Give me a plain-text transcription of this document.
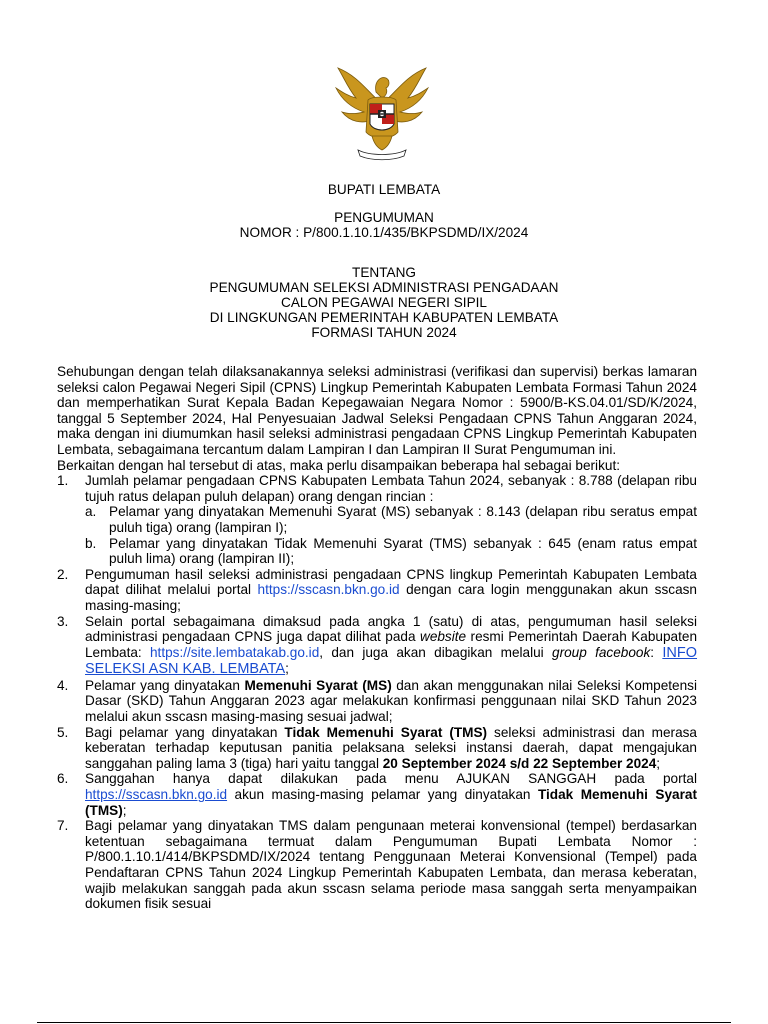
BUPATI LEMBATA
PENGUMUMAN
NOMOR : P/800.1.10.1/435/BKPSDMD/IX/2024
TENTANG
PENGUMUMAN SELEKSI ADMINISTRASI PENGADAAN
CALON PEGAWAI NEGERI SIPIL
DI LINGKUNGAN PEMERINTAH KABUPATEN LEMBATA
FORMASI TAHUN 2024

Sehubungan dengan telah dilaksanakannya seleksi administrasi (verifikasi dan supervisi) berkas lamaran seleksi calon Pegawai Negeri Sipil (CPNS) Lingkup Pemerintah Kabupaten Lembata Formasi Tahun 2024 dan memperhatikan Surat Kepala Badan Kepegawaian Negara Nomor : 5900/B-KS.04.01/SD/K/2024, tanggal 5 September 2024, Hal Penyesuaian Jadwal Seleksi Pengadaan CPNS Tahun Anggaran 2024, maka dengan ini diumumkan hasil seleksi administrasi pengadaan CPNS Lingkup Pemerintah Kabupaten Lembata, sebagaimana tercantum dalam Lampiran I dan Lampiran II Surat Pengumuman ini.

Berkaitan dengan hal tersebut di atas, maka perlu disampaikan beberapa hal sebagai berikut:

1. Jumlah pelamar pengadaan CPNS Kabupaten Lembata Tahun 2024, sebanyak : 8.788 (delapan ribu tujuh ratus delapan puluh delapan) orang dengan rincian :
a. Pelamar yang dinyatakan Memenuhi Syarat (MS) sebanyak : 8.143 (delapan ribu seratus empat puluh tiga) orang (lampiran I);
b. Pelamar yang dinyatakan Tidak Memenuhi Syarat (TMS) sebanyak : 645 (enam ratus empat puluh lima) orang (lampiran II);
2. Pengumuman hasil seleksi administrasi pengadaan CPNS lingkup Pemerintah Kabupaten Lembata dapat dilihat melalui portal https://sscasn.bkn.go.id dengan cara login menggunakan akun sscasn masing-masing;
3. Selain portal sebagaimana dimaksud pada angka 1 (satu) di atas, pengumuman hasil seleksi administrasi pengadaan CPNS juga dapat dilihat pada website resmi Pemerintah Daerah Kabupaten Lembata: https://site.lembatakab.go.id, dan juga akan dibagikan melalui group facebook: INFO SELEKSI ASN KAB. LEMBATA;
4. Pelamar yang dinyatakan Memenuhi Syarat (MS) dan akan menggunakan nilai Seleksi Kompetensi Dasar (SKD) Tahun Anggaran 2023 agar melakukan konfirmasi penggunaan nilai SKD Tahun 2023 melalui akun sscasn masing-masing sesuai jadwal;
5. Bagi pelamar yang dinyatakan Tidak Memenuhi Syarat (TMS) seleksi administrasi dan merasa keberatan terhadap keputusan panitia pelaksana seleksi instansi daerah, dapat mengajukan sanggahan paling lama 3 (tiga) hari yaitu tanggal 20 September 2024 s/d 22 September 2024;
6. Sanggahan hanya dapat dilakukan pada menu AJUKAN SANGGAH pada portal https://sscasn.bkn.go.id akun masing-masing pelamar yang dinyatakan Tidak Memenuhi Syarat (TMS);
7. Bagi pelamar yang dinyatakan TMS dalam pengunaan meterai konvensional (tempel) berdasarkan ketentuan sebagaimana termuat dalam Pengumuman Bupati Lembata Nomor : P/800.1.10.1/414/BKPSDMD/IX/2024 tentang Penggunaan Meterai Konvensional (Tempel) pada Pendaftaran CPNS Tahun 2024 Lingkup Pemerintah Kabupaten Lembata, dan merasa keberatan, wajib melakukan sanggah pada akun sscasn selama periode masa sanggah serta menyampaikan dokumen fisik sesuai
